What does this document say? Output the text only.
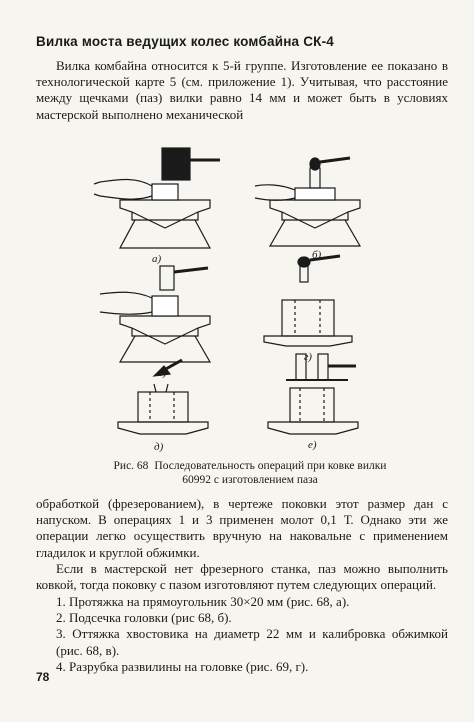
Вилка моста ведущих колес комбайна СК-4

Вилка комбайна относится к 5-й группе. Изготовление ее показано в технологической карте 5 (см. приложение 1). Учитывая, что расстояние между щечками (паз) вилки равно 14 мм и может быть в условиях мастерской выполнено механической

а)	б)
в)
г)
д)	е)
Рис. 68 Последовательность операций при ковке вилки 60992 с изготовлением паза

обработкой (фрезерованием), в чертеже поковки этот размер дан с напуском. В операциях 1 и 3 применен молот 0,1 Т. Однако эти же операции легко осуществить вручную на наковальне с применением гладилок и круглой обжимки.

Если в мастерской нет фрезерного станка, паз можно выполнить ковкой, тогда поковку с пазом изготовляют путем следующих операций.

1. Протяжка на прямоугольник 30×20 мм (рис. 68, а).
2. Подсечка головки (рис 68, б).
3. Оттяжка хвостовика на диаметр 22 мм и калибровка обжимкой (рис. 68, в).
4. Разрубка развилины на головке (рис. 69, г).
78
